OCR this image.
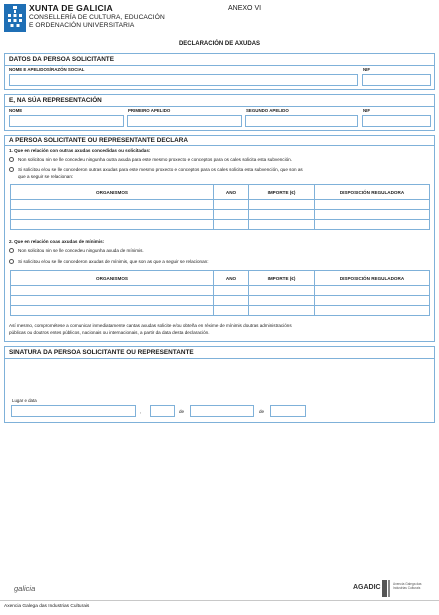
XUNTA DE GALICIA
CONSELLERÍA DE CULTURA, EDUCACIÓN
E ORDENACIÓN UNIVERSITARIA
ANEXO VI
DECLARACIÓN DE AXUDAS
DATOS DA PERSOA SOLICITANTE
NOME E APELIDOS/RAZÓN SOCIAL	NIF
E, NA SÚA REPRESENTACIÓN
NOME	PRIMEIRO APELIDO	SEGUNDO APELIDO	NIF
A PERSOA SOLICITANTE OU REPRESENTANTE DECLARA
1. Que en relación con outras axudas concedidas ou solicitadas:
Non solicitou nin se lle concedeu ningunha outra axuda para este mesmo proxecto e conceptos para os cales solicita esta subvención.
Si solicitou e/ou se lle concederon outras axudas para este mesmo proxecto e conceptos para os cales solicita esta subvención, que son as
que a seguir se relacionan:
ORGANISMOS	ANO	IMPORTE (€)	DISPOSICIÓN REGULADORA

2. Que en relación coas axudas de mínimis:
Non solicitou nin se lle concedeu ningunha axuda de mínimis.
Si solicitou e/ou se lle concederon axudas de mínimis, que son as que a seguir se relacionan:
ORGANISMOS	ANO	IMPORTE (€)	DISPOSICIÓN REGULADORA

Así mesmo, comprométese a comunicar inmediatamente cantas axudas solicite e/ou obteña en réxime de mínimis doutras administracións
públicas ou doutros entes públicos, nacionais ou internacionais, a partir da data desta declaración.
SINATURA DA PERSOA SOLICITANTE OU REPRESENTANTE
Lugar e data
,	de	de
galicia	AGADIC	Axencia Galega das Industrias Culturais
Axencia Galega das Industrias Culturais
